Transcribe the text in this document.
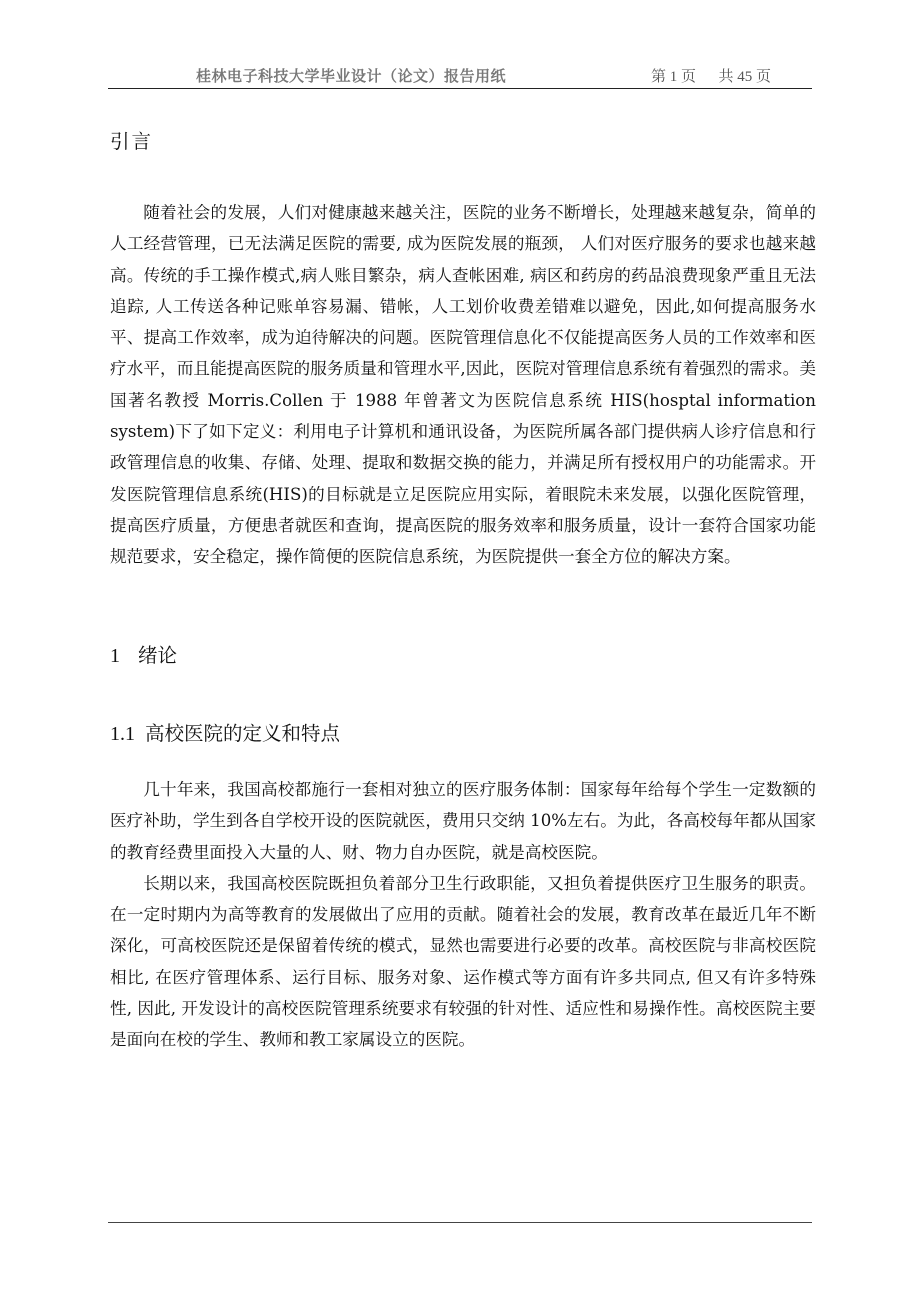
桂林电子科技大学毕业设计（论文）报告用纸	第 1 页      共 45 页
引言

随着社会的发展，人们对健康越来越关注，医院的业务不断增长，处理越来越复杂，简单的人工经营管理，已无法满足医院的需要, 成为医院发展的瓶颈， 人们对医疗服务的要求也越来越高。传统的手工操作模式,病人账目繁杂，病人查帐困难, 病区和药房的药品浪费现象严重且无法追踪, 人工传送各种记账单容易漏、错帐，人工划价收费差错难以避免，因此,如何提高服务水平、提高工作效率，成为迫待解决的问题。医院管理信息化不仅能提高医务人员的工作效率和医疗水平，而且能提高医院的服务质量和管理水平,因此，医院对管理信息系统有着强烈的需求。美国著名教授 Morris.Collen 于 1988 年曾著文为医院信息系统 HIS(hosptal information system)下了如下定义：利用电子计算机和通讯设备，为医院所属各部门提供病人诊疗信息和行政管理信息的收集、存储、处理、提取和数据交换的能力，并满足所有授权用户的功能需求。开发医院管理信息系统(HIS)的目标就是立足医院应用实际，着眼院未来发展，以强化医院管理，提高医疗质量，方便患者就医和查询，提高医院的服务效率和服务质量，设计一套符合国家功能规范要求，安全稳定，操作简便的医院信息系统，为医院提供一套全方位的解决方案。

1 绪论
1.1 高校医院的定义和特点

几十年来，我国高校都施行一套相对独立的医疗服务体制：国家每年给每个学生一定数额的医疗补助，学生到各自学校开设的医院就医，费用只交纳 10%左右。为此，各高校每年都从国家的教育经费里面投入大量的人、财、物力自办医院，就是高校医院。

长期以来，我国高校医院既担负着部分卫生行政职能，又担负着提供医疗卫生服务的职责。在一定时期内为高等教育的发展做出了应用的贡献。随着社会的发展，教育改革在最近几年不断深化，可高校医院还是保留着传统的模式，显然也需要进行必要的改革。高校医院与非高校医院相比, 在医疗管理体系、运行目标、服务对象、运作模式等方面有许多共同点, 但又有许多特殊性, 因此, 开发设计的高校医院管理系统要求有较强的针对性、适应性和易操作性。高校医院主要是面向在校的学生、教师和教工家属设立的医院。
